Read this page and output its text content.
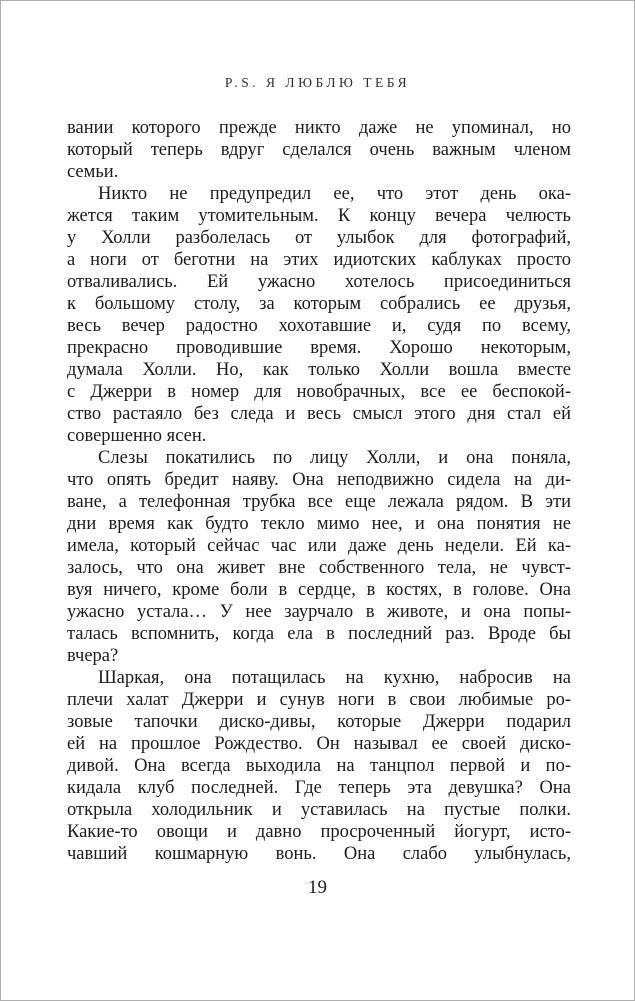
P.S. Я ЛЮБЛЮ ТЕБЯ
вании которого прежде никто даже не упоминал, но
который теперь вдруг сделался очень важным членом
семьи.
Никто не предупредил ее, что этот день ока-
жется таким утомительным. К концу вечера челюсть
у Холли разболелась от улыбок для фотографий,
а ноги от беготни на этих идиотских каблуках просто
отваливались. Ей ужасно хотелось присоединиться
к большому столу, за которым собрались ее друзья,
весь вечер радостно хохотавшие и, судя по всему,
прекрасно проводившие время. Хорошо некоторым,
думала Холли. Но, как только Холли вошла вместе
с Джерри в номер для новобрачных, все ее беспокой-
ство растаяло без следа и весь смысл этого дня стал ей
совершенно ясен.
Слезы покатились по лицу Холли, и она поняла,
что опять бредит наяву. Она неподвижно сидела на ди-
ване, а телефонная трубка все еще лежала рядом. В эти
дни время как будто текло мимо нее, и она понятия не
имела, который сейчас час или даже день недели. Ей ка-
залось, что она живет вне собственного тела, не чувст-
вуя ничего, кроме боли в сердце, в костях, в голове. Она
ужасно устала… У нее заурчало в животе, и она попы-
талась вспомнить, когда ела в последний раз. Вроде бы
вчера?
Шаркая, она потащилась на кухню, набросив на
плечи халат Джерри и сунув ноги в свои любимые ро-
зовые тапочки диско-дивы, которые Джерри подарил
ей на прошлое Рождество. Он называл ее своей диско-
дивой. Она всегда выходила на танцпол первой и по-
кидала клуб последней. Где теперь эта девушка? Она
открыла холодильник и уставилась на пустые полки.
Какие-то овощи и давно просроченный йогурт, исто-
чавший кошмарную вонь. Она слабо улыбнулась,
19
